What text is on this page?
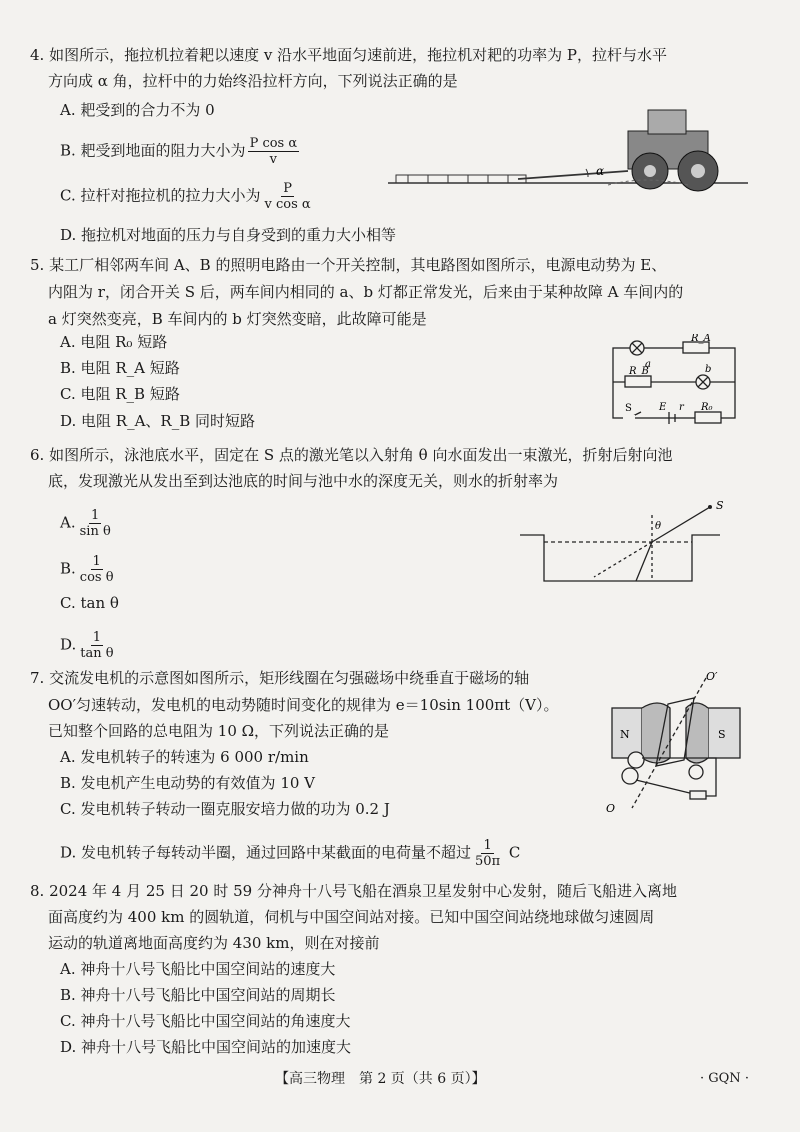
4. 如图所示，拖拉机拉着耙以速度 v 沿水平地面匀速前进，拖拉机对耙的功率为 P，拉杆与水平
方向成 α 角，拉杆中的力始终沿拉杆方向，下列说法正确的是
A. 耙受到的合力不为 0
B. 耙受到地面的阻力大小为 $\frac{\text{P cos α}}{v}$
C. 拉杆对拖拉机的拉力大小为 $\frac{P}{\text{v cos α}}$
D. 拖拉机对地面的压力与自身受到的重力大小相等
α
5. 某工厂相邻两车间 A、B 的照明电路由一个开关控制，其电路图如图所示，电源电动势为 E、
内阻为 r，闭合开关 S 后，两车间内相同的 a、b 灯都正常发光，后来由于某种故障 A 车间内的
a 灯突然变亮，B 车间内的 b 灯突然变暗，此故障可能是
A. 电阻 R₀ 短路
B. 电阻 R_A 短路
C. 电阻 R_B 短路
D. 电阻 R_A、R_B 同时短路
R_A
R_B
a	b
S	E r R₀
6. 如图所示，泳池底水平，固定在 S 点的激光笔以入射角 θ 向水面发出一束激光，折射后射向池
底，发现激光从发出至到达池底的时间与池中水的深度无关，则水的折射率为
A. $\frac{1}{\text{sin θ}}$
B. $\frac{1}{\text{cos θ}}$
C. tan θ
D. $\frac{1}{\text{tan θ}}$
S
θ
7. 交流发电机的示意图如图所示，矩形线圈在匀强磁场中绕垂直于磁场的轴
OO′匀速转动，发电机的电动势随时间变化的规律为 e＝10sin 100πt（V）。
已知整个回路的总电阻为 10 Ω，下列说法正确的是
A. 发电机转子的转速为 6 000 r/min
B. 发电机产生电动势的有效值为 10 V
C. 发电机转子转动一圈克服安培力做的功为 0.2 J
D. 发电机转子每转动半圈，通过回路中某截面的电荷量不超过 $\frac{1}{50\pi}$ C
N	S
O′
O
8. 2024 年 4 月 25 日 20 时 59 分神舟十八号飞船在酒泉卫星发射中心发射，随后飞船进入离地
面高度约为 400 km 的圆轨道，伺机与中国空间站对接。已知中国空间站绕地球做匀速圆周
运动的轨道离地面高度约为 430 km，则在对接前
A. 神舟十八号飞船比中国空间站的速度大
B. 神舟十八号飞船比中国空间站的周期长
C. 神舟十八号飞船比中国空间站的角速度大
D. 神舟十八号飞船比中国空间站的加速度大
【高三物理　第 2 页（共 6 页）】	· GQN ·
